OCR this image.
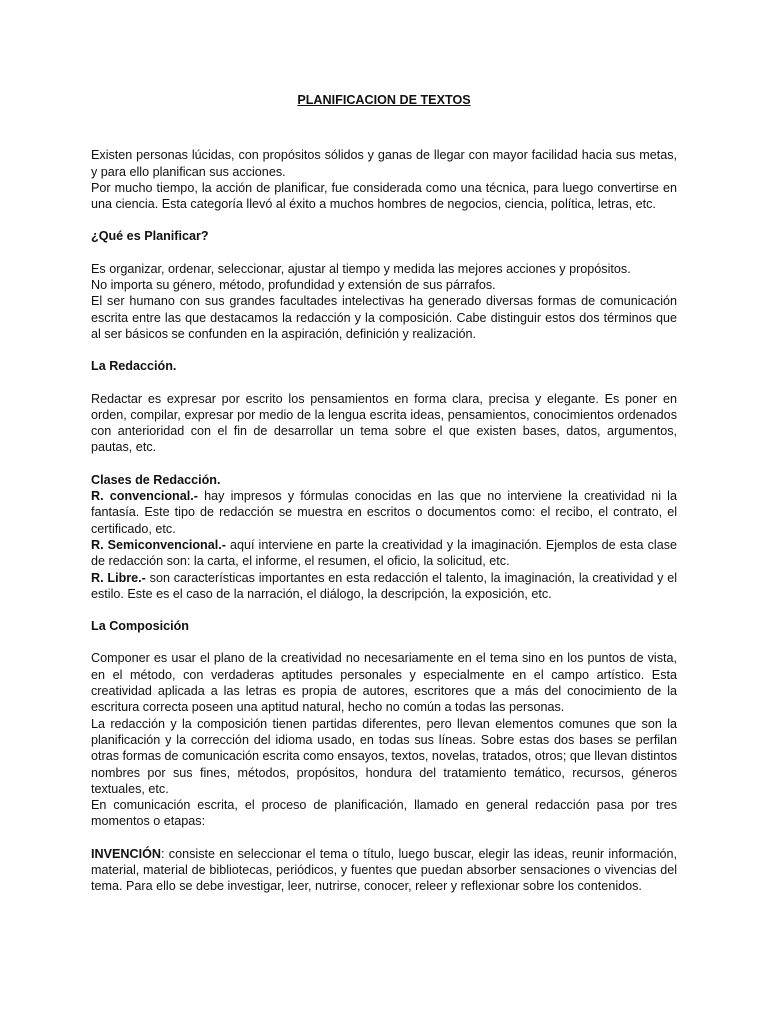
PLANIFICACION DE TEXTOS

Existen personas lúcidas, con propósitos sólidos y ganas de llegar con mayor facilidad hacia sus metas, y para ello planifican sus acciones.

Por mucho tiempo, la acción de planificar, fue considerada como una técnica, para luego convertirse en una ciencia. Esta categoría llevó al éxito a muchos hombres de negocios, ciencia, política, letras, etc.

¿Qué es Planificar?

Es organizar, ordenar, seleccionar, ajustar al tiempo y medida las mejores acciones y propósitos.

No importa su género, método, profundidad y extensión de sus párrafos.

El ser humano con sus grandes facultades intelectivas ha generado diversas formas de comunicación escrita entre las que destacamos la redacción y la composición. Cabe distinguir estos dos términos que al ser básicos se confunden en la aspiración, definición y realización.

La Redacción.

Redactar es expresar por escrito los pensamientos en forma clara, precisa y elegante. Es poner en orden, compilar, expresar por medio de la lengua escrita ideas, pensamientos, conocimientos ordenados con anterioridad con el fin de desarrollar un tema sobre el que existen bases, datos, argumentos, pautas, etc.

Clases de Redacción.

R. convencional.- hay impresos y fórmulas conocidas en las que no interviene la creatividad ni la fantasía. Este tipo de redacción se muestra en escritos o documentos como: el recibo, el contrato, el certificado, etc.

R. Semiconvencional.- aquí interviene en parte la creatividad y la imaginación. Ejemplos de esta clase de redacción son: la carta, el informe, el resumen, el oficio, la solicitud, etc.

R. Libre.- son características importantes en esta redacción el talento, la imaginación, la creatividad y el estilo. Este es el caso de la narración, el diálogo, la descripción, la exposición, etc.

La Composición

Componer es usar el plano de la creatividad no necesariamente en el tema sino en los puntos de vista, en el método, con verdaderas aptitudes personales y especialmente en el campo artístico. Esta creatividad aplicada a las letras es propia de autores, escritores que a más del conocimiento de la escritura correcta poseen una aptitud natural, hecho no común a todas las personas.

La redacción y la composición tienen partidas diferentes, pero llevan elementos comunes que son la planificación y la corrección del idioma usado, en todas sus líneas. Sobre estas dos bases se perfilan otras formas de comunicación escrita como ensayos, textos, novelas, tratados, otros; que llevan distintos nombres por sus fines, métodos, propósitos, hondura del tratamiento temático, recursos, géneros textuales, etc.

En comunicación escrita, el proceso de planificación, llamado en general redacción pasa por tres momentos o etapas:

INVENCIÓN: consiste en seleccionar el tema o título, luego buscar, elegir las ideas, reunir información, material, material de bibliotecas, periódicos, y fuentes que puedan absorber sensaciones o vivencias del tema. Para ello se debe investigar, leer, nutrirse, conocer, releer y reflexionar sobre los contenidos.
